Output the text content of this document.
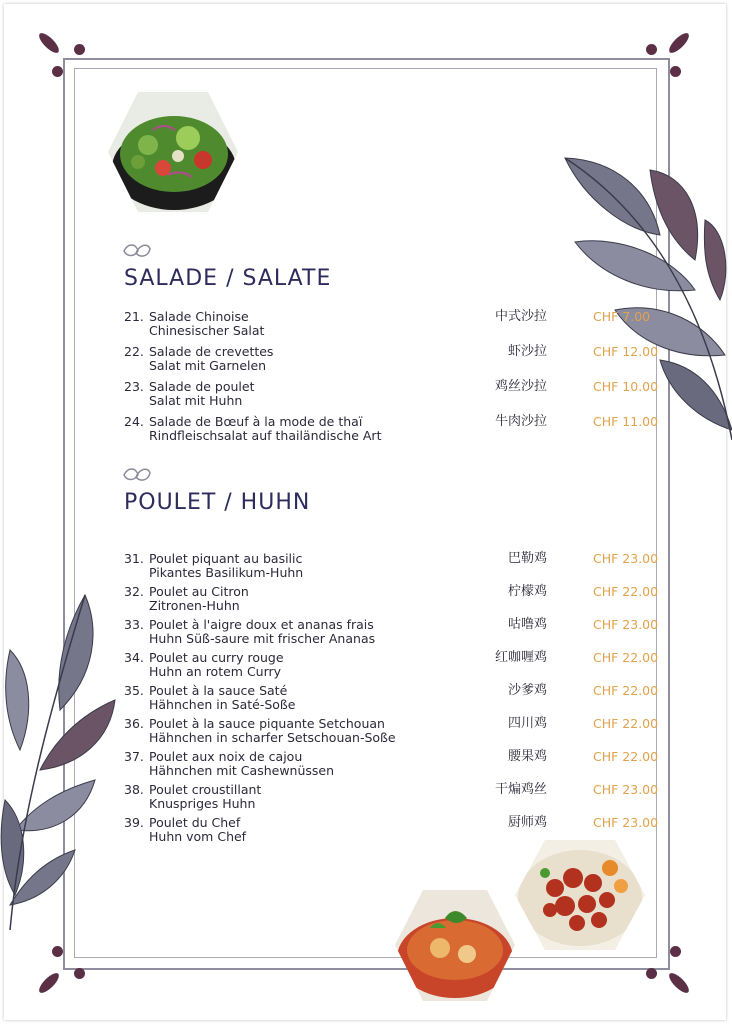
SALADE / SALATE
21. Salade Chinoise
Chinesischer Salat
中式沙拉	CHF 7.00
22. Salade de crevettes
Salat mit Garnelen
虾沙拉	CHF 12.00
23. Salade de poulet
Salat mit Huhn
鸡丝沙拉	CHF 10.00
24. Salade de Bœuf à la mode de thaï
Rindfleischsalat auf thailändische Art
牛肉沙拉	CHF 11.00
POULET / HUHN
31. Poulet piquant au basilic
Pikantes Basilikum-Huhn
巴勒鸡	CHF 23.00
32. Poulet au Citron
Zitronen-Huhn
柠檬鸡	CHF 22.00
33. Poulet à l'aigre doux et ananas frais
Huhn Süß-saure mit frischer Ananas
咕噜鸡	CHF 23.00
34. Poulet au curry rouge
Huhn an rotem Curry
红咖喱鸡	CHF 22.00
35. Poulet à la sauce Saté
Hähnchen in Saté-Soße
沙爹鸡	CHF 22.00
36. Poulet à la sauce piquante Setchouan
Hähnchen in scharfer Setschouan-Soße
四川鸡	CHF 22.00
37. Poulet aux noix de cajou
Hähnchen mit Cashewnüssen
腰果鸡	CHF 22.00
38. Poulet croustillant
Knuspriges Huhn
干煸鸡丝	CHF 23.00
39. Poulet du Chef
Huhn vom Chef
厨师鸡	CHF 23.00
